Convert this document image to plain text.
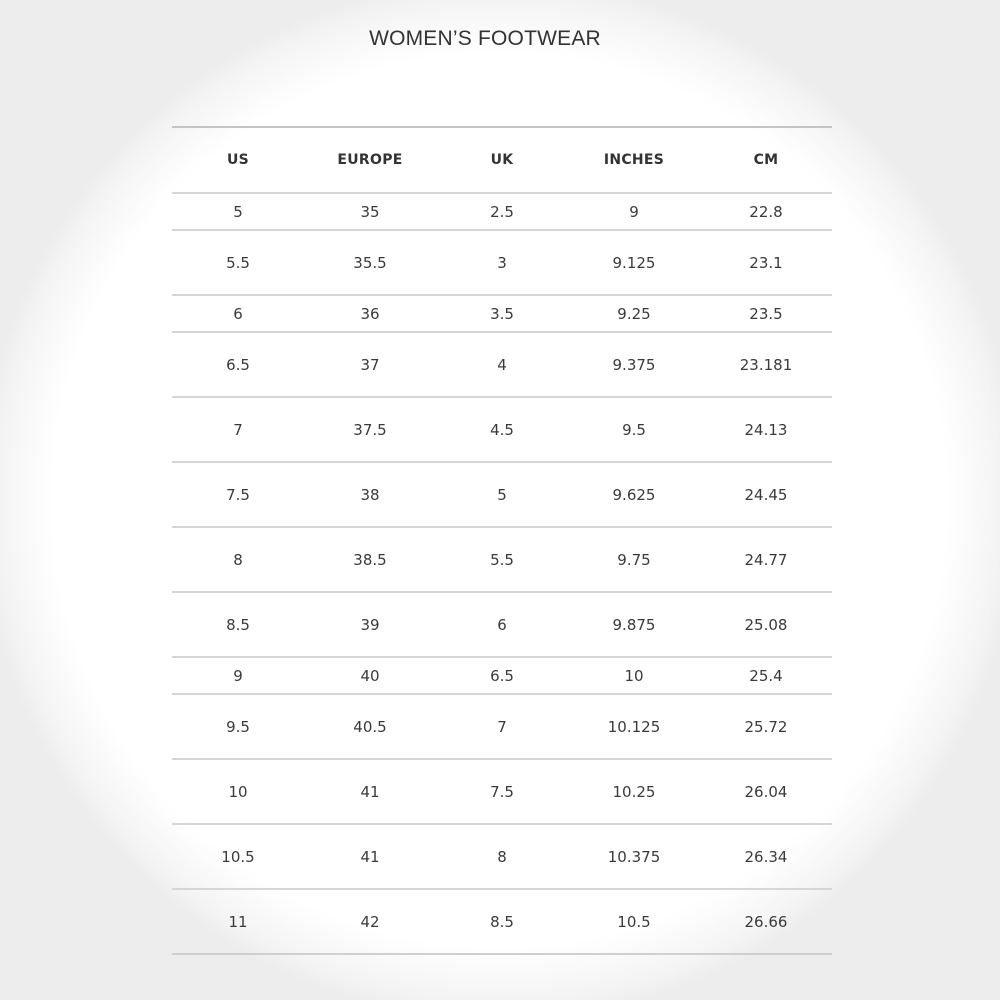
WOMEN’S FOOTWEAR
US	EUROPE	UK	INCHES	CM
5	35	2.5	9	22.8
5.5	35.5	3	9.125	23.1
6	36	3.5	9.25	23.5
6.5	37	4	9.375	23.181
7	37.5	4.5	9.5	24.13
7.5	38	5	9.625	24.45
8	38.5	5.5	9.75	24.77
8.5	39	6	9.875	25.08
9	40	6.5	10	25.4
9.5	40.5	7	10.125	25.72
10	41	7.5	10.25	26.04
10.5	41	8	10.375	26.34
11	42	8.5	10.5	26.66
